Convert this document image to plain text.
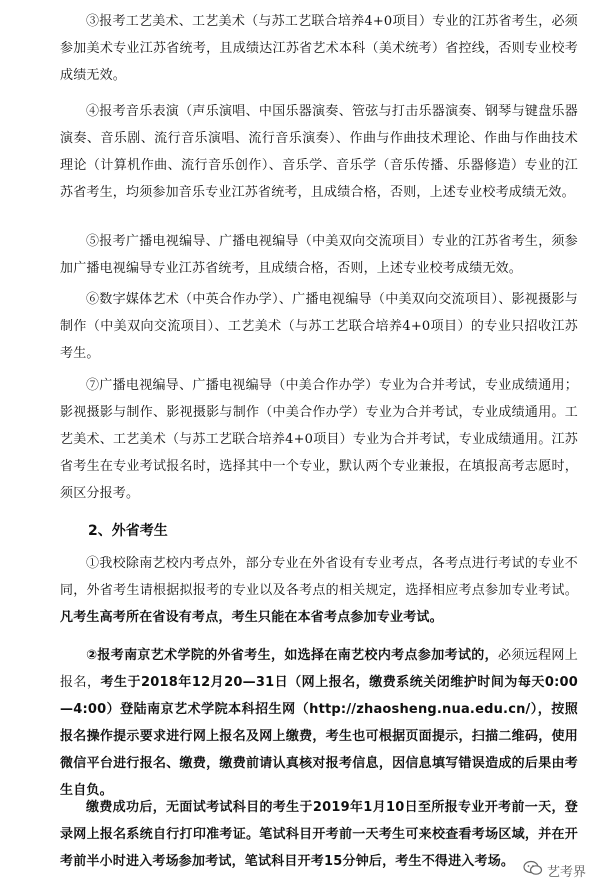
③报考工艺美术、工艺美术（与苏工艺联合培养4+0项目）专业的江苏省考生，必须参加美术专业江苏省统考，且成绩达江苏省艺术本科（美术统考）省控线，否则专业校考成绩无效。
④报考音乐表演（声乐演唱、中国乐器演奏、管弦与打击乐器演奏、钢琴与键盘乐器演奏、音乐剧、流行音乐演唱、流行音乐演奏）、作曲与作曲技术理论、作曲与作曲技术理论（计算机作曲、流行音乐创作）、音乐学、音乐学（音乐传播、乐器修造）专业的江苏省考生，均须参加音乐专业江苏省统考，且成绩合格，否则，上述专业校考成绩无效。
⑤报考广播电视编导、广播电视编导（中美双向交流项目）专业的江苏省考生，须参加广播电视编导专业江苏省统考，且成绩合格，否则，上述专业校考成绩无效。
⑥数字媒体艺术（中英合作办学）、广播电视编导（中美双向交流项目）、影视摄影与制作（中美双向交流项目）、工艺美术（与苏工艺联合培养4+0项目）的专业只招收江苏考生。
⑦广播电视编导、广播电视编导（中美合作办学）专业为合并考试，专业成绩通用；影视摄影与制作、影视摄影与制作（中美合作办学）专业为合并考试，专业成绩通用。工艺美术、工艺美术（与苏工艺联合培养4+0项目）专业为合并考试，专业成绩通用。江苏省考生在专业考试报名时，选择其中一个专业，默认两个专业兼报，在填报高考志愿时，须区分报考。
2、外省考生
①我校除南艺校内考点外，部分专业在外省设有专业考点，各考点进行考试的专业不同，外省考生请根据拟报考的专业以及各考点的相关规定，选择相应考点参加专业考试。凡考生高考所在省设有考点，考生只能在本省考点参加专业考试。
②报考南京艺术学院的外省考生，如选择在南艺校内考点参加考试的，必须远程网上报名，考生于2018年12月20—31日（网上报名，缴费系统关闭维护时间为每天0:00—4:00）登陆南京艺术学院本科招生网（http://zhaosheng.nua.edu.cn/），按照报名操作提示要求进行网上报名及网上缴费，考生也可根据页面提示，扫描二维码，使用微信平台进行报名、缴费，缴费前请认真核对报考信息，因信息填写错误造成的后果由考生自负。
缴费成功后，无面试考试科目的考生于2019年1月10日至所报专业开考前一天，登录网上报名系统自行打印准考证。笔试科目开考前一天考生可来校查看考场区域，并在开考前半小时进入考场参加考试，笔试科目开考15分钟后，考生不得进入考场。
艺考界
